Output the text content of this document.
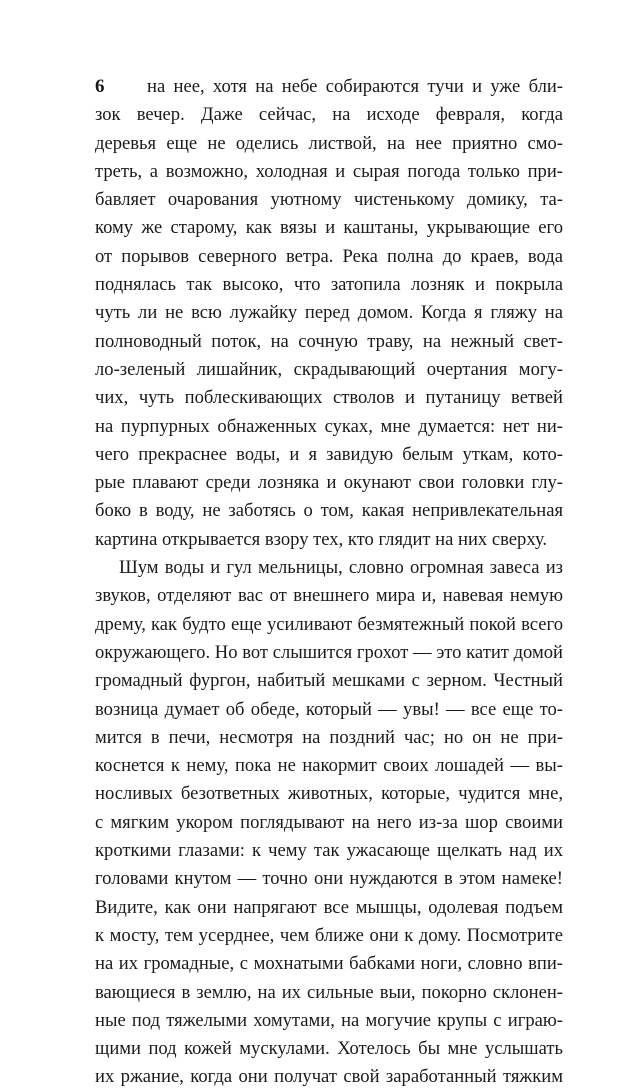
6 на нее, хотя на небе собираются тучи и уже бли-
зок вечер. Даже сейчас, на исходе февраля, когда
деревья еще не оделись листвой, на нее приятно смо-
треть, а возможно, холодная и сырая погода только при-
бавляет очарования уютному чистенькому домику, та-
кому же старому, как вязы и каштаны, укрывающие его
от порывов северного ветра. Река полна до краев, вода
поднялась так высоко, что затопила лозняк и покрыла
чуть ли не всю лужайку перед домом. Когда я гляжу на
полноводный поток, на сочную траву, на нежный свет-
ло-зеленый лишайник, скрадывающий очертания могу-
чих, чуть поблескивающих стволов и путаницу ветвей
на пурпурных обнаженных суках, мне думается: нет ни-
чего прекраснее воды, и я завидую белым уткам, кото-
рые плавают среди лозняка и окунают свои головки глу-
боко в воду, не заботясь о том, какая непривлекательная
картина открывается взору тех, кто глядит на них сверху.
Шум воды и гул мельницы, словно огромная завеса из
звуков, отделяют вас от внешнего мира и, навевая немую
дрему, как будто еще усиливают безмятежный покой всего
окружающего. Но вот слышится грохот — это катит домой
громадный фургон, набитый мешками с зерном. Честный
возница думает об обеде, который — увы! — все еще то-
мится в печи, несмотря на поздний час; но он не при-
коснется к нему, пока не накормит своих лошадей — вы-
носливых безответных животных, которые, чудится мне,
с мягким укором поглядывают на него из-за шор своими
кроткими глазами: к чему так ужасающе щелкать над их
головами кнутом — точно они нуждаются в этом намеке!
Видите, как они напрягают все мышцы, одолевая подъем
к мосту, тем усерднее, чем ближе они к дому. Посмотрите
на их громадные, с мохнатыми бабками ноги, словно впи-
вающиеся в землю, на их сильные выи, покорно склонен-
ные под тяжелыми хомутами, на могучие крупы с играю-
щими под кожей мускулами. Хотелось бы мне услышать
их ржание, когда они получат свой заработанный тяжким
